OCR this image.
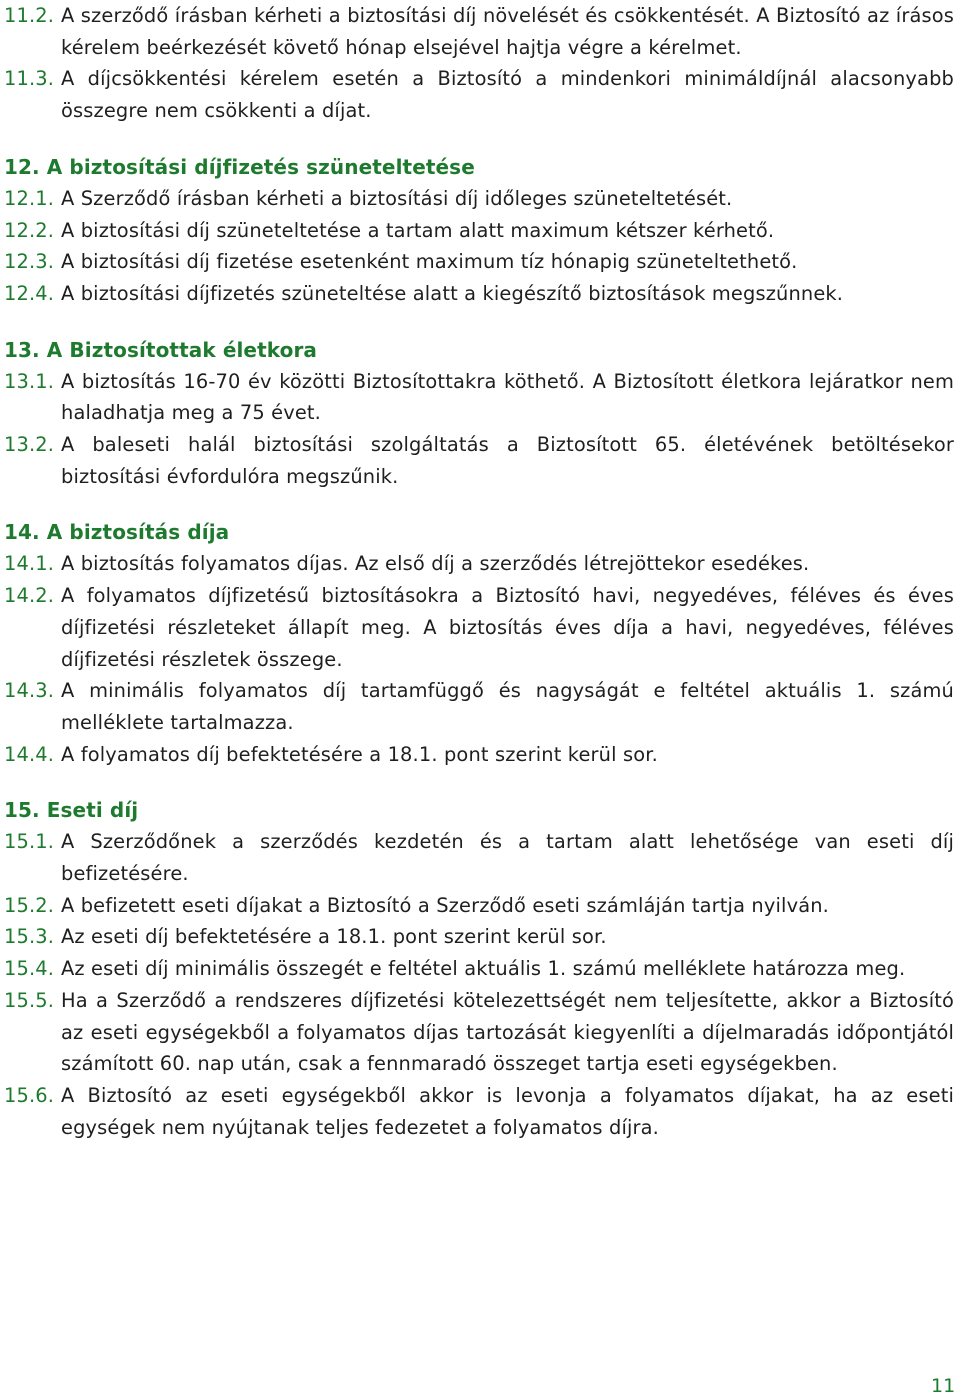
11.2. A szerződő írásban kérheti a biztosítási díj növelését és csökkentését. A Biztosító az írásos kérelem beérkezését követő hónap elsejével hajtja végre a kérelmet.
11.3. A díjcsökkentési kérelem esetén a Biztosító a mindenkori minimáldíjnál alacsonyabb összegre nem csökkenti a díjat.
12. A biztosítási díjfizetés szüneteltetése
12.1. A Szerződő írásban kérheti a biztosítási díj időleges szüneteltetését.
12.2. A biztosítási díj szüneteltetése a tartam alatt maximum kétszer kérhető.
12.3. A biztosítási díj fizetése esetenként maximum tíz hónapig szüneteltethető.
12.4. A biztosítási díjfizetés szüneteltése alatt a kiegészítő biztosítások megszűnnek.
13. A Biztosítottak életkora
13.1. A biztosítás 16-70 év közötti Biztosítottakra köthető. A Biztosított életkora lejáratkor nem haladhatja meg a 75 évet.
13.2. A baleseti halál biztosítási szolgáltatás a Biztosított 65. életévének betöltésekor biztosítási évfordulóra megszűnik.
14. A biztosítás díja
14.1. A biztosítás folyamatos díjas. Az első díj a szerződés létrejöttekor esedékes.
14.2. A folyamatos díjfizetésű biztosításokra a Biztosító havi, negyedéves, féléves és éves díjfizetési részleteket állapít meg. A biztosítás éves díja a havi, negyedéves, féléves díjfizetési részletek összege.
14.3. A minimális folyamatos díj tartamfüggő és nagyságát e feltétel aktuális 1. számú melléklete tartalmazza.
14.4. A folyamatos díj befektetésére a 18.1. pont szerint kerül sor.
15. Eseti díj
15.1. A Szerződőnek a szerződés kezdetén és a tartam alatt lehetősége van eseti díj befizetésére.
15.2. A befizetett eseti díjakat a Biztosító a Szerződő eseti számláján tartja nyilván.
15.3. Az eseti díj befektetésére a 18.1. pont szerint kerül sor.
15.4. Az eseti díj minimális összegét e feltétel aktuális 1. számú melléklete határozza meg.
15.5. Ha a Szerződő a rendszeres díjfizetési kötelezettségét nem teljesítette, akkor a Biztosító az eseti egységekből a folyamatos díjas tartozását kiegyenlíti a díjelmaradás időpontjától számított 60. nap után, csak a fennmaradó összeget tartja eseti egységekben.
15.6. A Biztosító az eseti egységekből akkor is levonja a folyamatos díjakat, ha az eseti egységek nem nyújtanak teljes fedezetet a folyamatos díjra.
11
